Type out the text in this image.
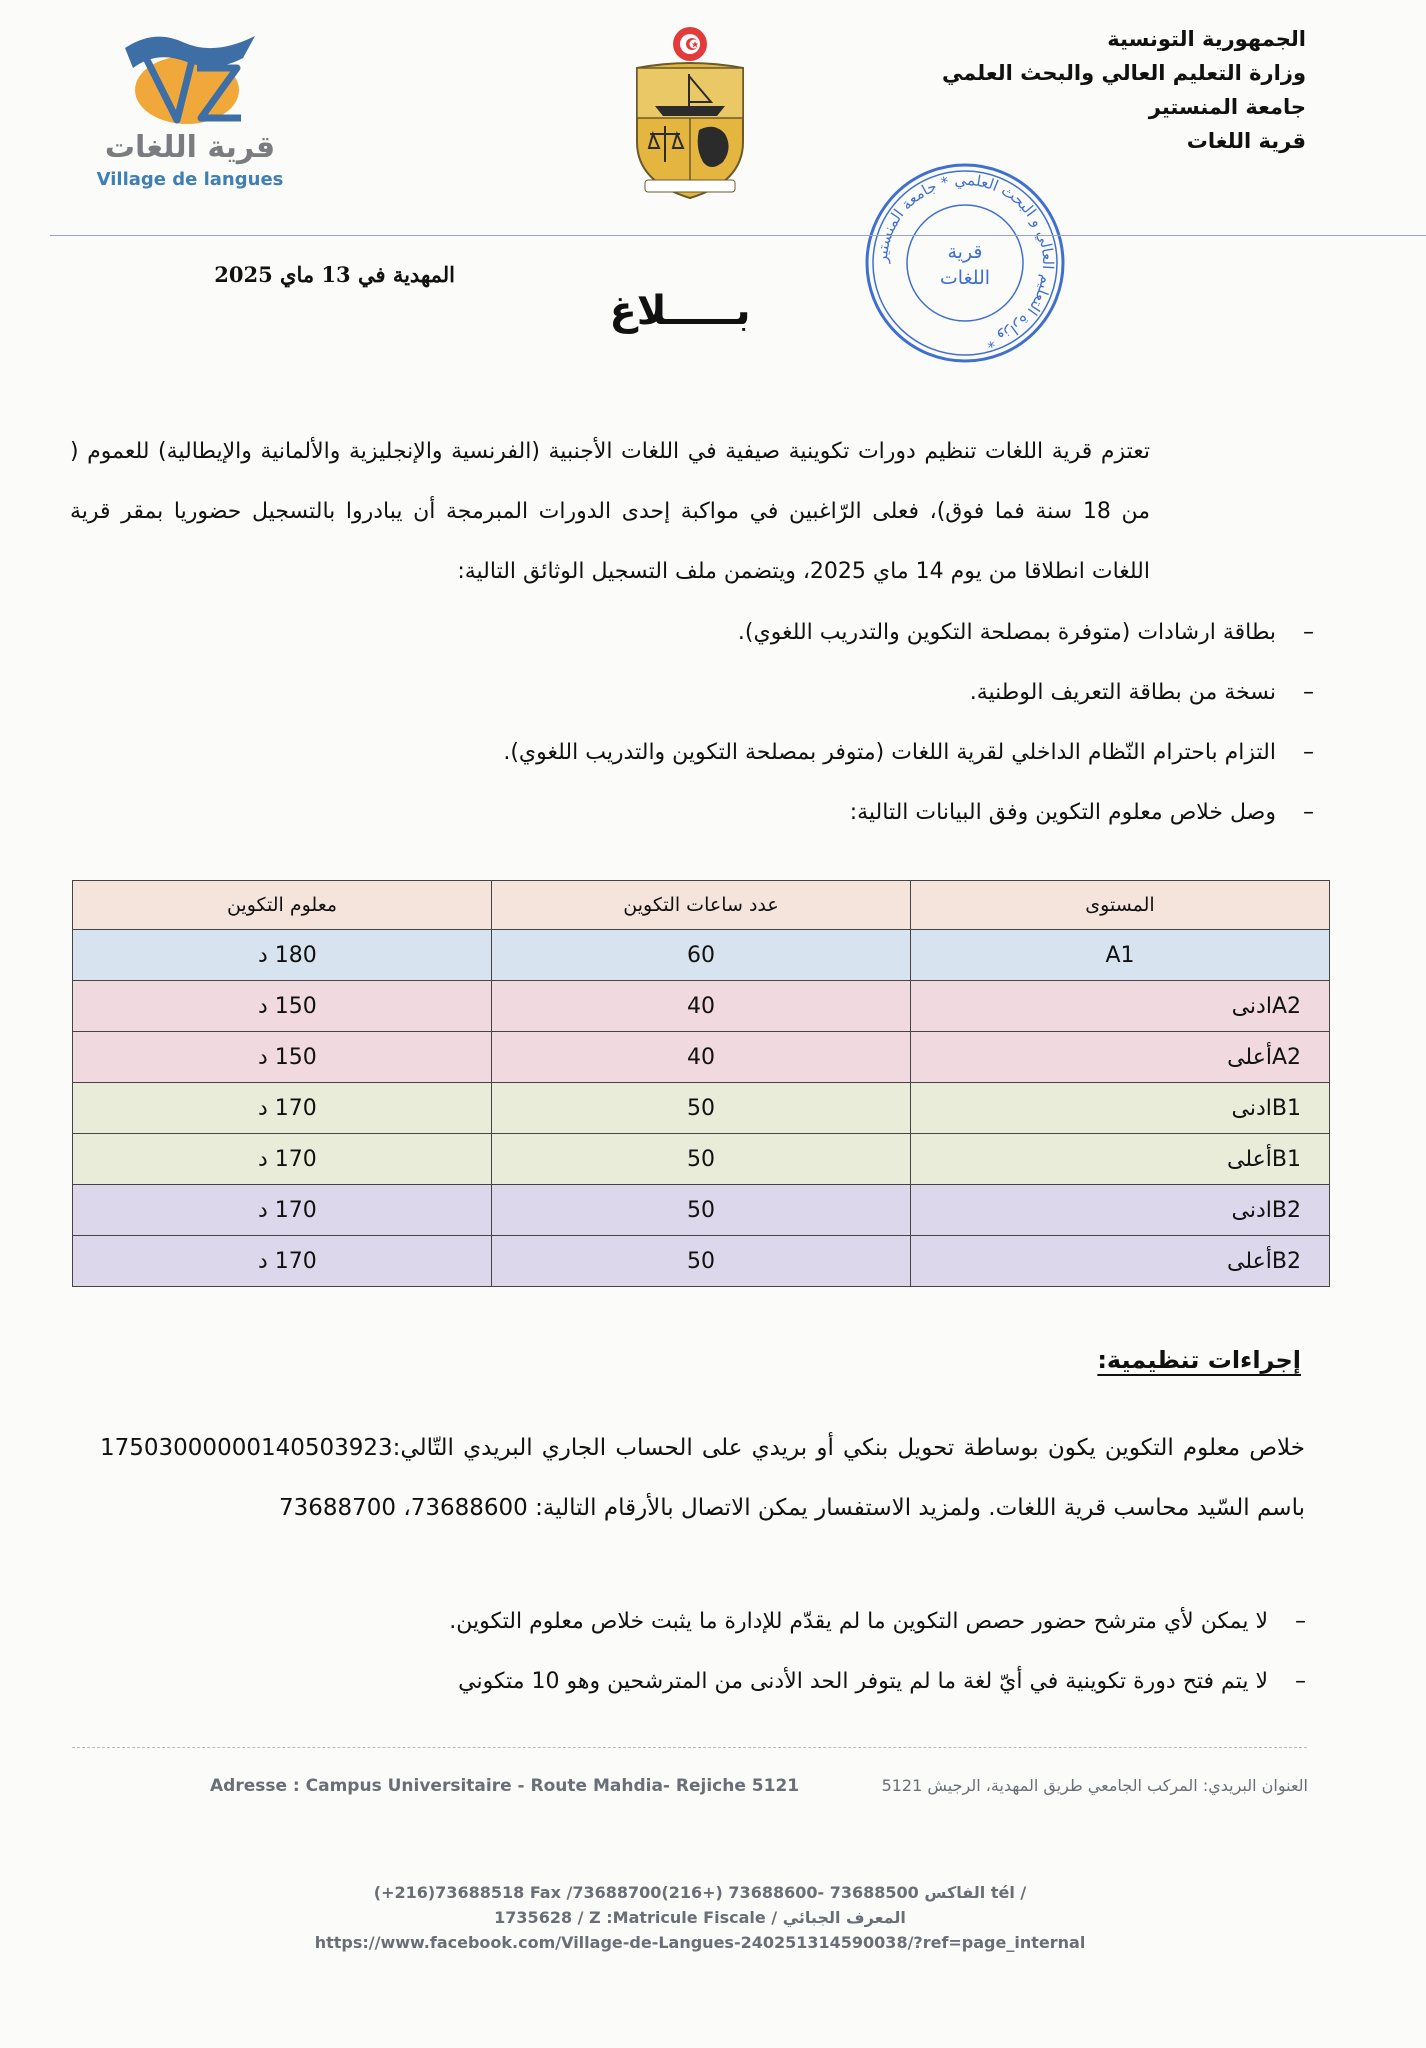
الجمهورية التونسية
وزارة التعليم العالي والبحث العلمي
جامعة المنستير
قرية اللغات
قرية اللغات
Village de langues
وزارة التعليم العالي و البحث العلمي * جامعة المنستير *
قرية
اللغات
المهدية في 13 ماي 2025
بـــــلاغ
تعتزم قرية اللغات تنظيم دورات تكوينية صيفية في اللغات الأجنبية (الفرنسية والإنجليزية والألمانية والإيطالية) للعموم ( من 18 سنة فما فوق)، فعلى الرّاغبين في مواكبة إحدى الدورات المبرمجة أن يبادروا بالتسجيل حضوريا بمقر قرية اللغات انطلاقا من يوم 14 ماي 2025، ويتضمن ملف التسجيل الوثائق التالية:
– بطاقة ارشادات (متوفرة بمصلحة التكوين والتدريب اللغوي).
– نسخة من بطاقة التعريف الوطنية.
– التزام باحترام النّظام الداخلي لقرية اللغات (متوفر بمصلحة التكوين والتدريب اللغوي).
– وصل خلاص معلوم التكوين وفق البيانات التالية:
معلوم التكوين	عدد ساعات التكوين	المستوى
180 د	60	A1
150 د	40	A2ادنى
150 د	40	A2أعلى
170 د	50	B1ادنى
170 د	50	B1أعلى
170 د	50	B2ادنى
170 د	50	B2أعلى
إجراءات تنظيمية:
خلاص معلوم التكوين يكون بوساطة تحويل بنكي أو بريدي على الحساب الجاري البريدي التّالي:17503000000140503923 باسم السّيد محاسب قرية اللغات. ولمزيد الاستفسار يمكن الاتصال بالأرقام التالية: 73688600، 73688700
– لا يمكن لأي مترشح حضور حصص التكوين ما لم يقدّم للإدارة ما يثبت خلاص معلوم التكوين.
– لا يتم فتح دورة تكوينية في أيّ لغة ما لم يتوفر الحد الأدنى من المترشحين وهو 10 متكوني
Adresse : Campus Universitaire - Route Mahdia- Rejiche 5121	العنوان البريدي: المركب الجامعي طريق المهدية، الرجيش 5121
(+216)73688518 Fax /الفاكس 73688500 -73688600 (+216)73688700 tél /
1735628 / Z :Matricule Fiscale / المعرف الجبائي
https://www.facebook.com/Village-de-Langues-240251314590038/?ref=page_internal
